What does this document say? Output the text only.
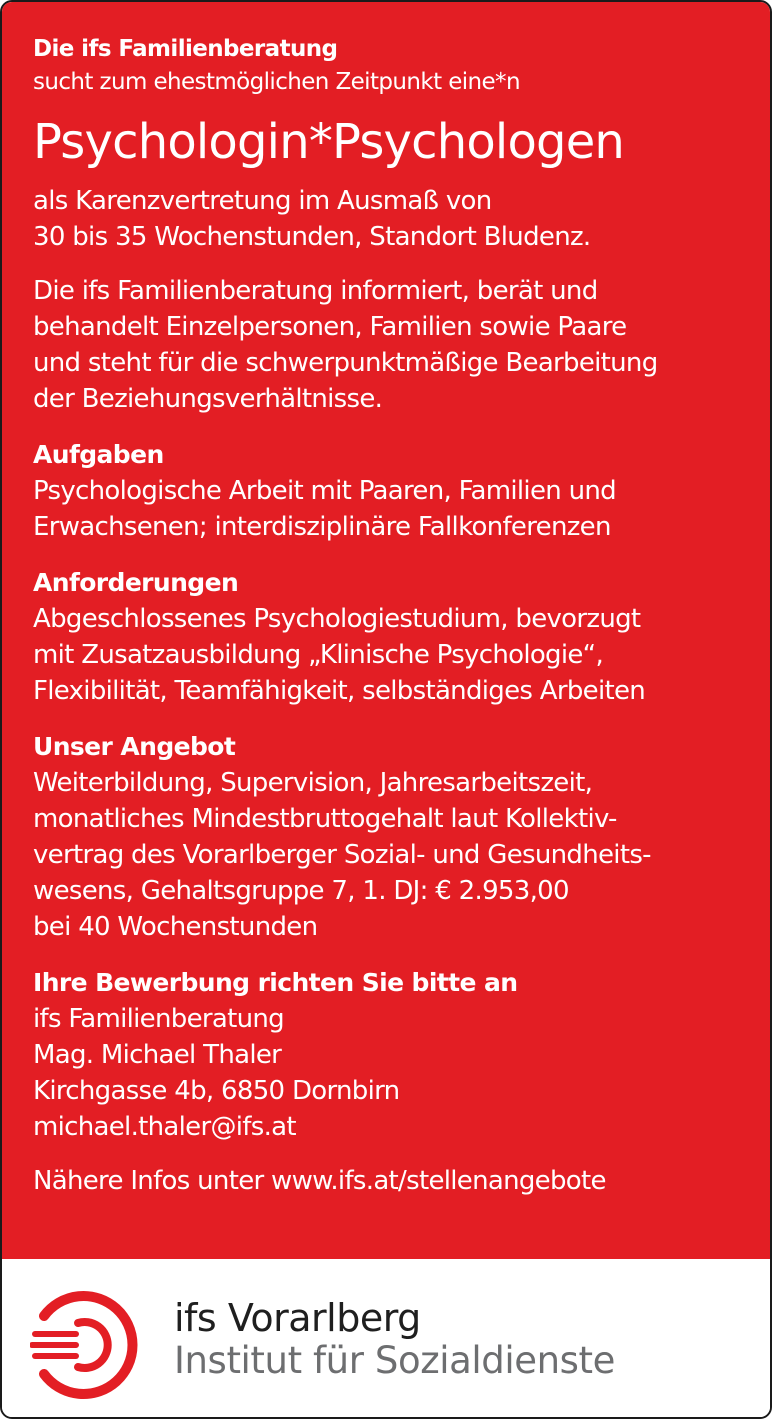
Die ifs Familienberatung
sucht zum ehestmöglichen Zeitpunkt eine*n
Psychologin*Psychologen

als Karenzvertretung im Ausmaß von
30 bis 35 Wochenstunden, Standort Bludenz.

Die ifs Familienberatung informiert, berät und
behandelt Einzelpersonen, Familien sowie Paare
und steht für die schwerpunktmäßige Bearbeitung
der Beziehungsverhältnisse.

Aufgaben

Psychologische Arbeit mit Paaren, Familien und
Erwachsenen; interdisziplinäre Fallkonferenzen

Anforderungen

Abgeschlossenes Psychologiestudium, bevorzugt
mit Zusatzausbildung „Klinische Psychologie“,
Flexibilität, Teamfähigkeit, selbständiges Arbeiten

Unser Angebot

Weiterbildung, Supervision, Jahresarbeitszeit,
monatliches Mindestbruttogehalt laut Kollektiv-
vertrag des Vorarlberger Sozial- und Gesundheits-
wesens, Gehaltsgruppe 7, 1. DJ: € 2.953,00
bei 40 Wochenstunden

Ihre Bewerbung richten Sie bitte an

ifs Familienberatung
Mag. Michael Thaler
Kirchgasse 4b, 6850 Dornbirn
michael.thaler@ifs.at

Nähere Infos unter www.ifs.at/stellenangebote

ifs Vorarlberg
Institut für Sozialdienste
